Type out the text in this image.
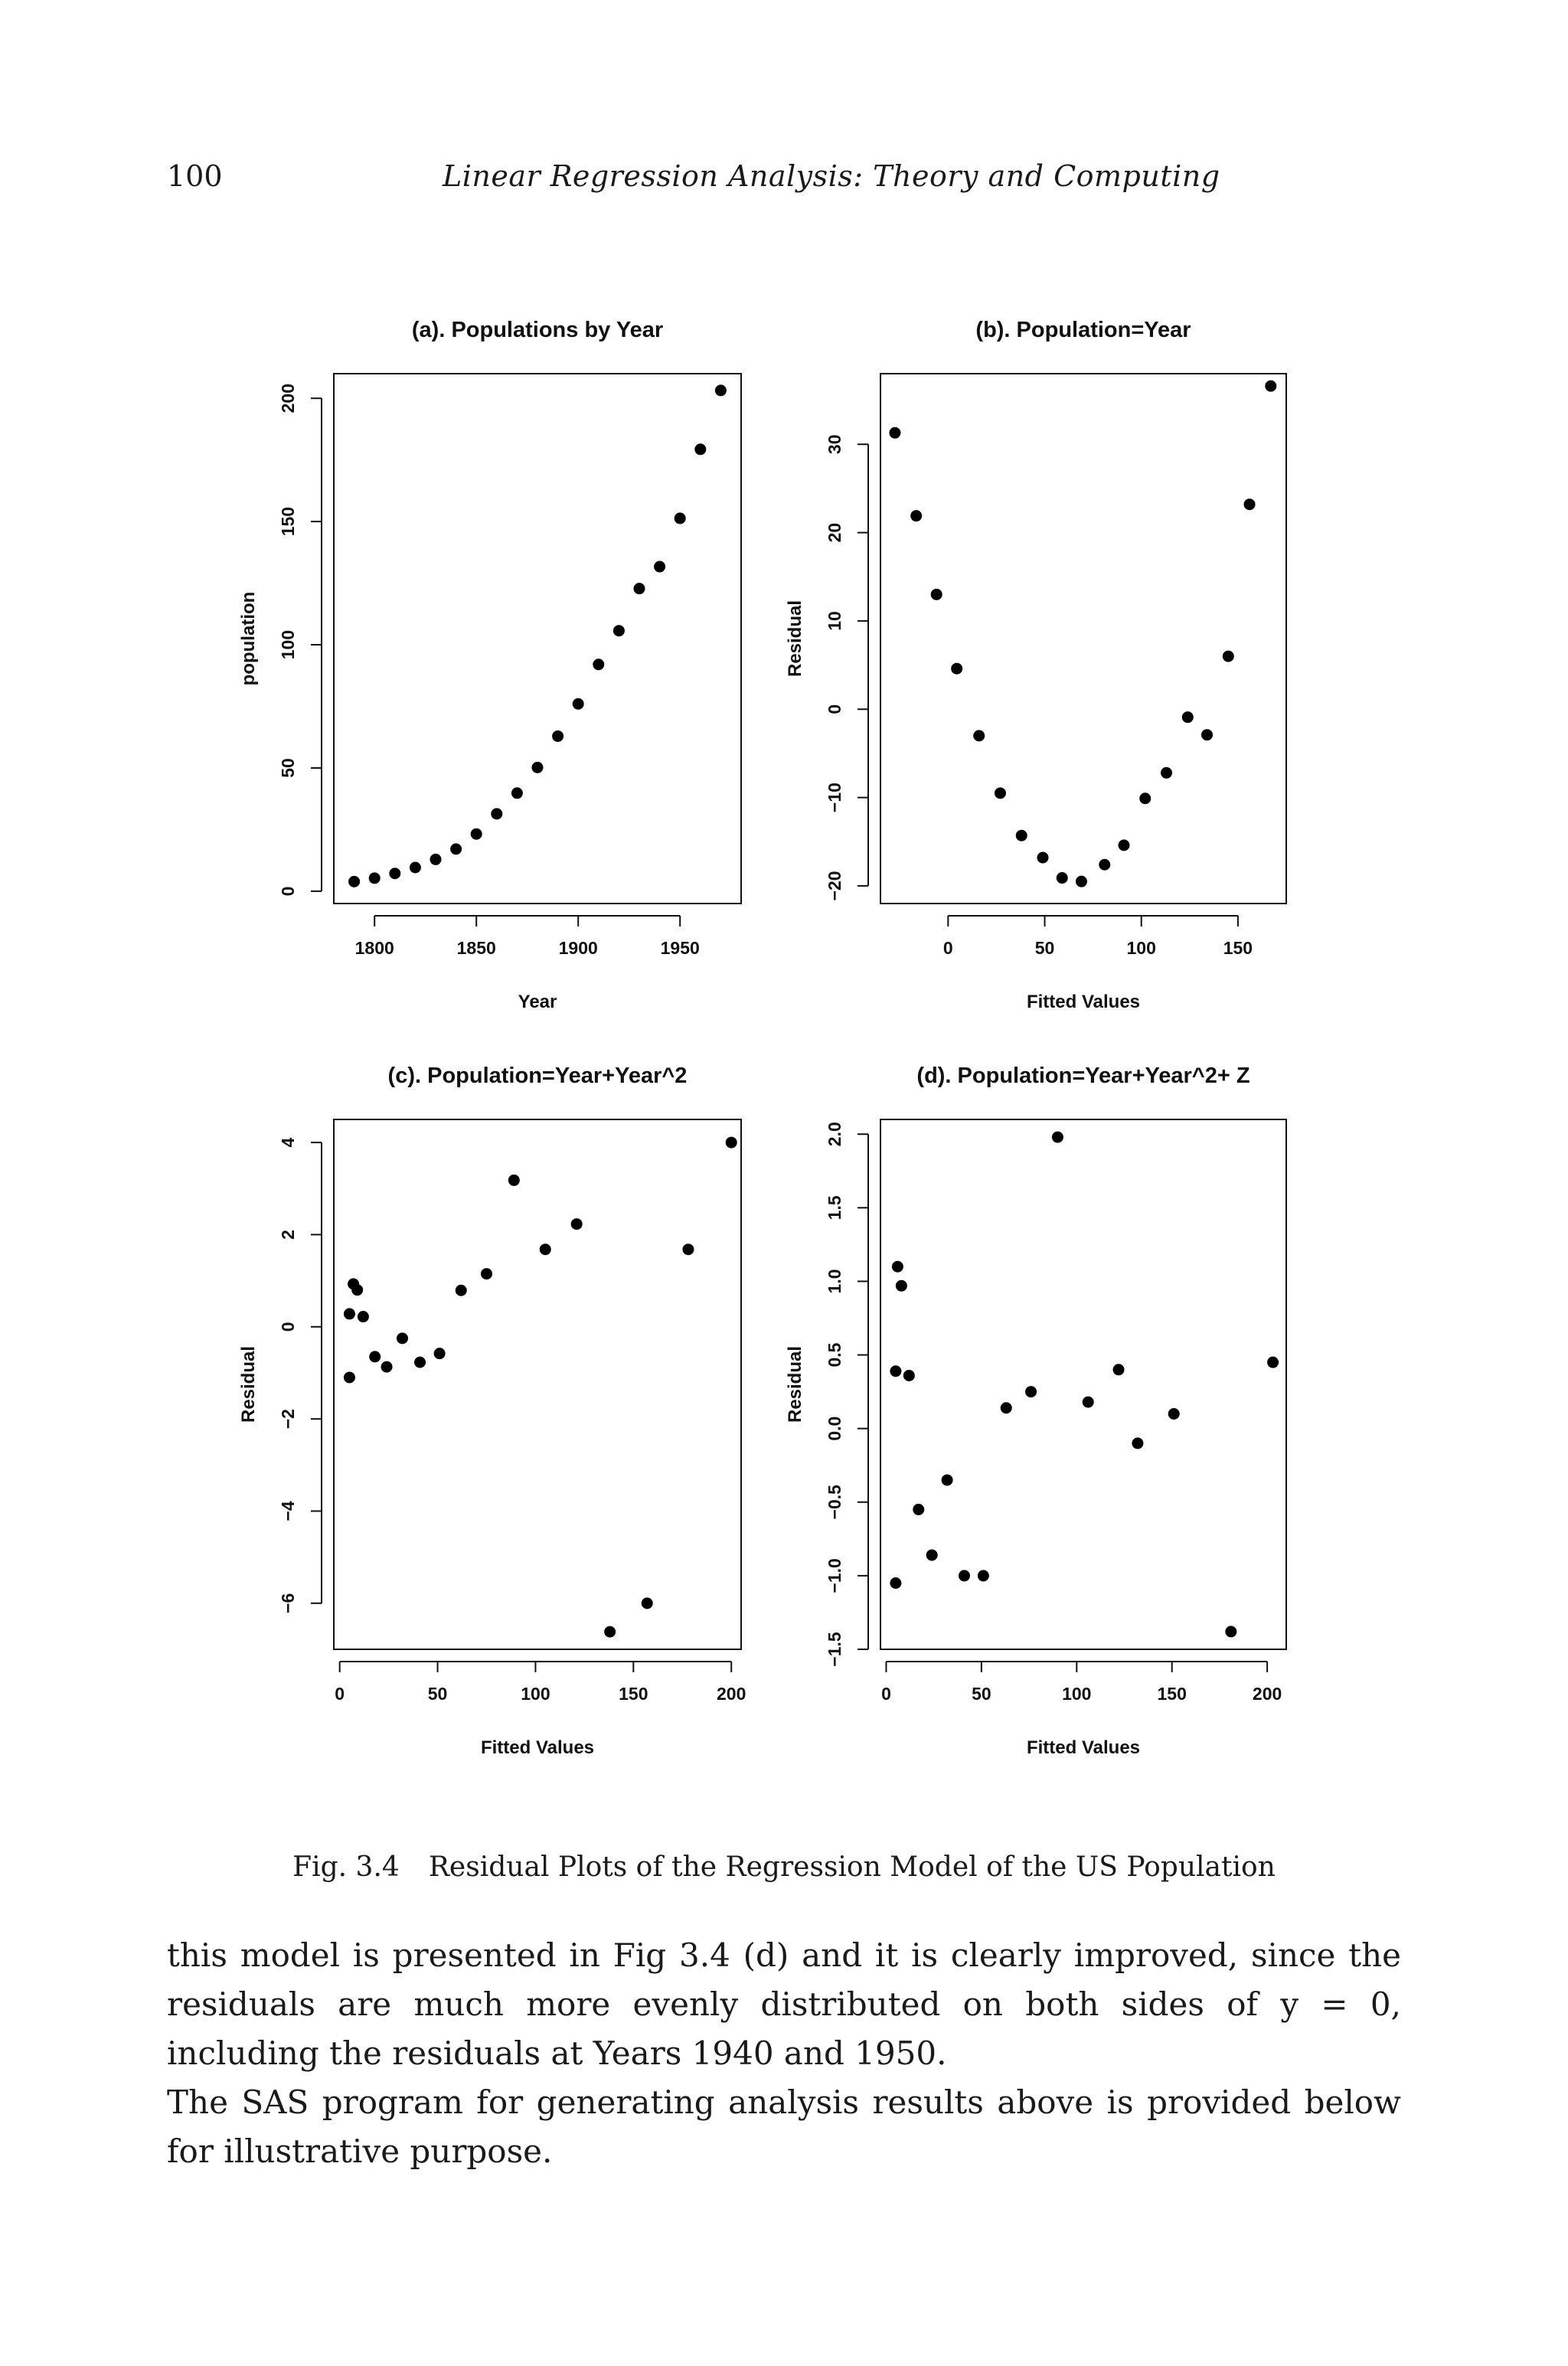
100	Linear Regression Analysis: Theory and Computing
(a). Populations by Year
1800	1850	1900	1950
Year
0
50
100
150
200
population
(b). Population=Year
0	50	100	150
Fitted Values
−20
−10
0
10
20
30
Residual
(c). Population=Year+Year^2
0	50	100	150	200
Fitted Values
−6
−4
−2
0
2
4
Residual
(d). Population=Year+Year^2+ Z
0	50	100	150	200
Fitted Values
−1.5
−1.0
−0.5
0.0
0.5
1.0
1.5
2.0
Residual
Fig. 3.4 Residual Plots of the Regression Model of the US Population

this model is presented in Fig 3.4 (d) and it is clearly improved, since the residuals are much more evenly distributed on both sides of y = 0, including the residuals at Years 1940 and 1950.

The SAS program for generating analysis results above is provided below for illustrative purpose.
